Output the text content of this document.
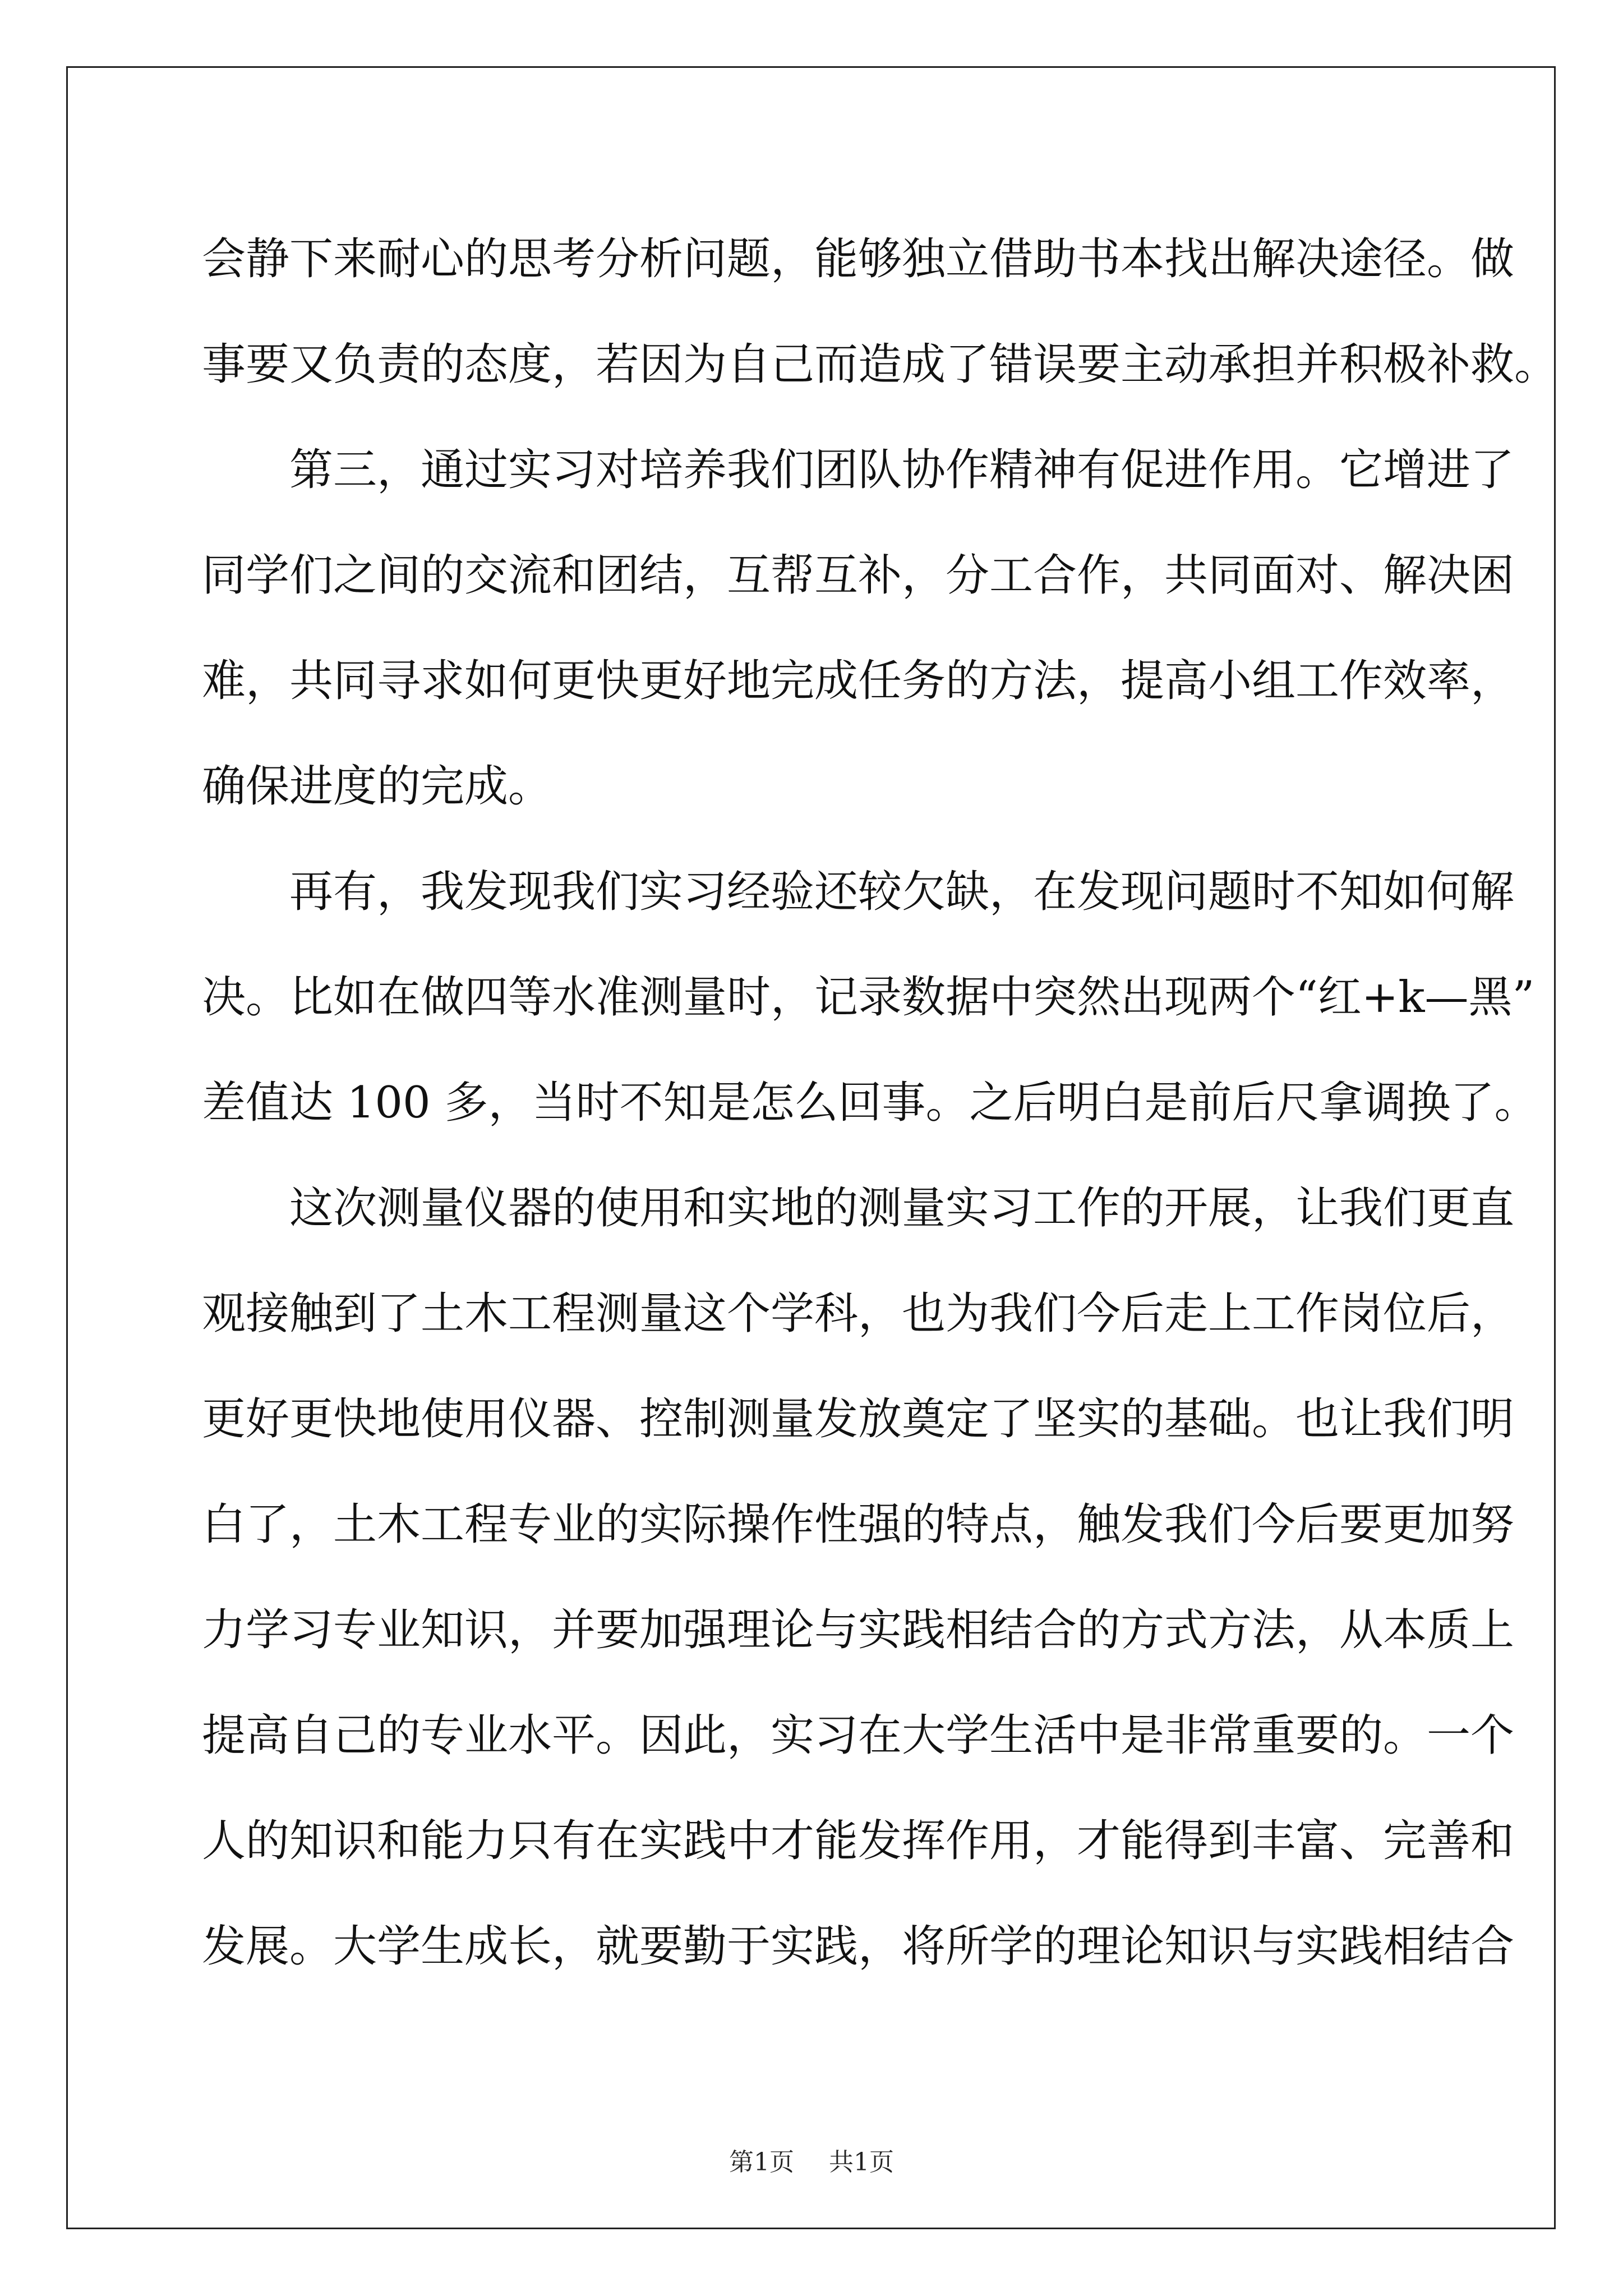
会静下来耐心的思考分析问题，能够独立借助书本找出解决途径。做
事要又负责的态度，若因为自己而造成了错误要主动承担并积极补救。
　　第三，通过实习对培养我们团队协作精神有促进作用。它增进了
同学们之间的交流和团结，互帮互补，分工合作，共同面对、解决困
难，共同寻求如何更快更好地完成任务的方法，提高小组工作效率，
确保进度的完成。
　　再有，我发现我们实习经验还较欠缺，在发现问题时不知如何解
决。比如在做四等水准测量时，记录数据中突然出现两个“红+k—黑”
差值达 100 多，当时不知是怎么回事。之后明白是前后尺拿调换了。
　　这次测量仪器的使用和实地的测量实习工作的开展，让我们更直
观接触到了土木工程测量这个学科，也为我们今后走上工作岗位后，
更好更快地使用仪器、控制测量发放奠定了坚实的基础。也让我们明
白了，土木工程专业的实际操作性强的特点，触发我们今后要更加努
力学习专业知识，并要加强理论与实践相结合的方式方法，从本质上
提高自己的专业水平。因此，实习在大学生活中是非常重要的。一个
人的知识和能力只有在实践中才能发挥作用，才能得到丰富、完善和
发展。大学生成长，就要勤于实践，将所学的理论知识与实践相结合
第1页 共1页
